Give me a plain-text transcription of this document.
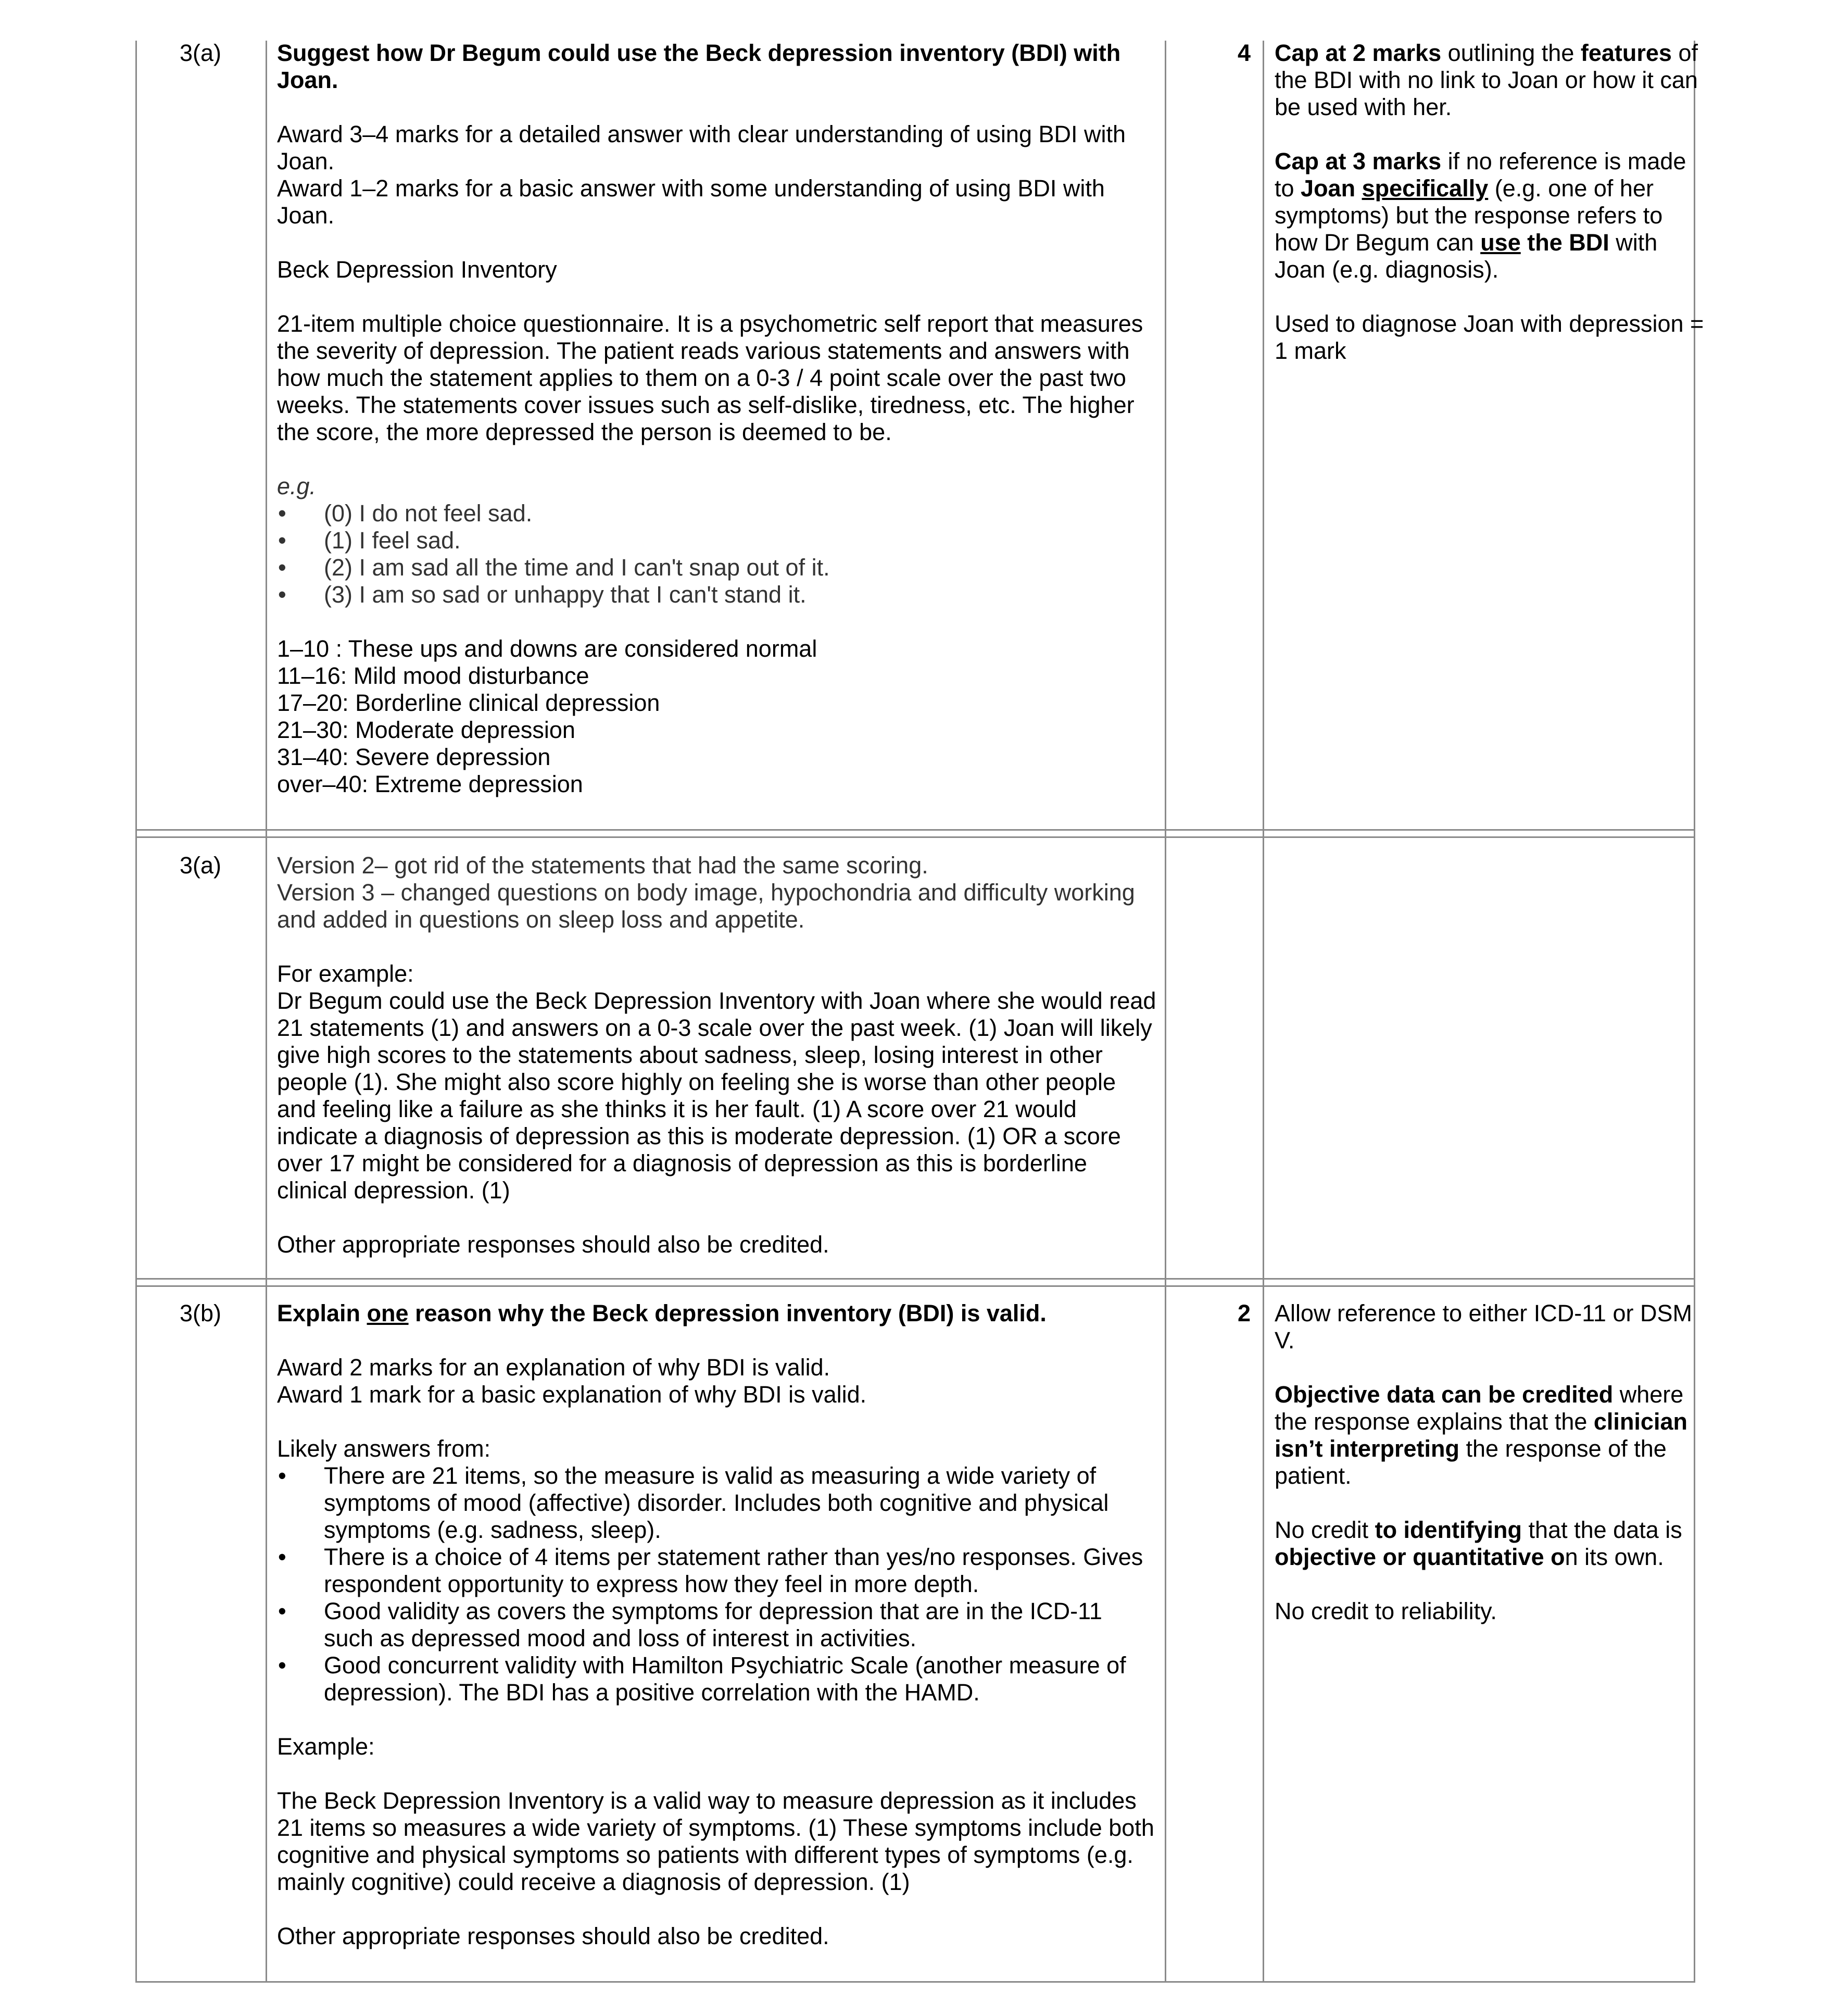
3(a) Suggest how Dr Begum could use the Beck depression inventory (BDI) with Joan.

Award 3–4 marks for a detailed answer with clear understanding of using BDI with Joan.

Award 1–2 marks for a basic answer with some understanding of using BDI with Joan.

Beck Depression Inventory

21-item multiple choice questionnaire. It is a psychometric self report that measures the severity of depression. The patient reads various statements and answers with how much the statement applies to them on a 0-3 / 4 point scale over the past two weeks. The statements cover issues such as self-dislike, tiredness, etc. The higher the score, the more depressed the person is deemed to be.

e.g.

• (0) I do not feel sad.
• (1) I feel sad.
• (2) I am sad all the time and I can't snap out of it.
• (3) I am so sad or unhappy that I can't stand it.

1–10 : These ups and downs are considered normal

11–16: Mild mood disturbance

17–20: Borderline clinical depression

21–30: Moderate depression

31–40: Severe depression

over–40: Extreme depression

4 Cap at 2 marks outlining the features of the BDI with no link to Joan or how it can be used with her.

Cap at 3 marks if no reference is made to Joan specifically (e.g. one of her symptoms) but the response refers to how Dr Begum can use the BDI with Joan (e.g. diagnosis).

Used to diagnose Joan with depression = 1 mark

3(a) Version 2– got rid of the statements that had the same scoring.

Version 3 – changed questions on body image, hypochondria and difficulty working and added in questions on sleep loss and appetite.

For example:

Dr Begum could use the Beck Depression Inventory with Joan where she would read 21 statements (1) and answers on a 0-3 scale over the past week. (1) Joan will likely give high scores to the statements about sadness, sleep, losing interest in other people (1). She might also score highly on feeling she is worse than other people and feeling like a failure as she thinks it is her fault. (1) A score over 21 would indicate a diagnosis of depression as this is moderate depression. (1) OR a score over 17 might be considered for a diagnosis of depression as this is borderline clinical depression. (1)

Other appropriate responses should also be credited.

3(b) Explain one reason why the Beck depression inventory (BDI) is valid.

Award 2 marks for an explanation of why BDI is valid.

Award 1 mark for a basic explanation of why BDI is valid.

Likely answers from:

• There are 21 items, so the measure is valid as measuring a wide variety of symptoms of mood (affective) disorder. Includes both cognitive and physical symptoms (e.g. sadness, sleep).
• There is a choice of 4 items per statement rather than yes/no responses. Gives respondent opportunity to express how they feel in more depth.
• Good validity as covers the symptoms for depression that are in the ICD-11 such as depressed mood and loss of interest in activities.
• Good concurrent validity with Hamilton Psychiatric Scale (another measure of depression). The BDI has a positive correlation with the HAMD.

Example:

The Beck Depression Inventory is a valid way to measure depression as it includes 21 items so measures a wide variety of symptoms. (1) These symptoms include both cognitive and physical symptoms so patients with different types of symptoms (e.g. mainly cognitive) could receive a diagnosis of depression. (1)

Other appropriate responses should also be credited.

2 Allow reference to either ICD-11 or DSM V.

Objective data can be credited where the response explains that the clinician isn’t interpreting the response of the patient.

No credit to identifying that the data is objective or quantitative on its own.

No credit to reliability.
